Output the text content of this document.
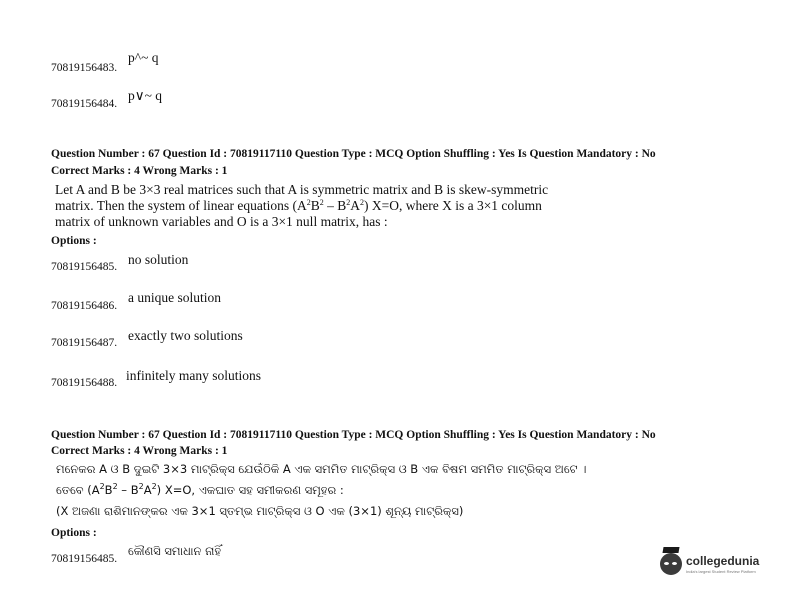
70819156483.
p^~ q
70819156484.
p∨~ q
Question Number : 67 Question Id : 70819117110 Question Type : MCQ Option Shuffling : Yes Is Question Mandatory : No
Correct Marks : 4 Wrong Marks : 1
Let A and B be 3×3 real matrices such that A is symmetric matrix and B is skew-symmetric
matrix. Then the system of linear equations $(A^2B^2 - B^2A^2)$ X=O, where X is a 3×1 column
matrix of unknown variables and O is a 3×1 null matrix, has :
Options :
70819156485. no solution
70819156486.
a unique solution
70819156487. exactly two solutions
70819156488. infinitely many solutions
Question Number : 67 Question Id : 70819117110 Question Type : MCQ Option Shuffling : Yes Is Question Mandatory : No
Correct Marks : 4 Wrong Marks : 1
ମନେକର A ଓ B ଦୁଇଟି 3×3 ମାଟ୍ରିକ୍ସ ଯେଉଁଠିକି A ଏକ ସମମିତ ମାଟ୍ରିକ୍ସ ଓ B ଏକ ବିଷମ ସମମିତ ମାଟ୍ରିକ୍ସ ଅଟେ ।
ତେବେ $(A^2B^2 - B^2A^2)$ X=O, ଏକଘାତ ସହ ସମୀକରଣ ସମୂହର :
(X ଅଜଣା ରାଶିମାନଙ୍କର ଏକ 3×1 ସ୍ତମ୍ଭ ମାଟ୍ରିକ୍ସ ଓ O ଏକ (3×1) ଶୂନ୍ୟ ମାଟ୍ରିକ୍ସ)
Options :
70819156485.
କୌଣସି ସମାଧାନ ନାହିଁ
collegedunia
India's largest Student Review Platform
